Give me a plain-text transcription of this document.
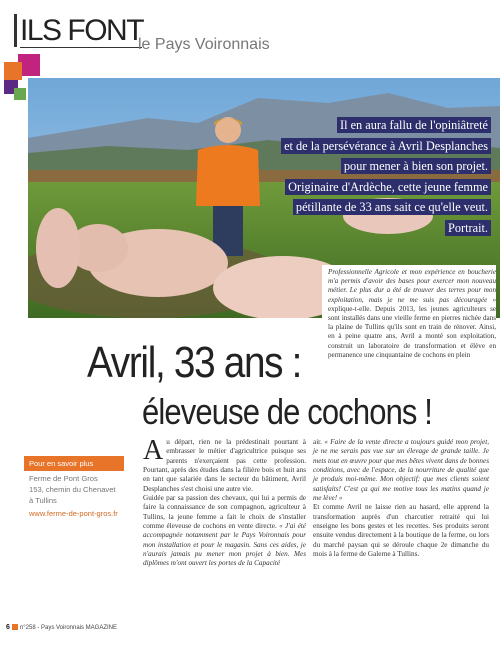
ILS FONT
le Pays Voironnais
Il en aura fallu de l'opiniâtreté
et de la persévérance à Avril Desplanches
pour mener à bien son projet.
Originaire d'Ardèche, cette jeune femme
pétillante de 33 ans sait ce qu'elle veut.
Portrait.
Professionnelle Agricole et mon expérience en boucherie m'a permis d'avoir des bases pour exercer mon nouveau métier. Le plus dur a été de trouver des terres pour mon exploitation, mais je ne me suis pas découragée » explique-t-elle. Depuis 2013, les jeunes agriculteurs se sont installés dans une vieille ferme en pierres nichée dans la plaine de Tullins qu'ils sont en train de rénover. Ainsi, en à peine quatre ans, Avril a monté son exploitation, construit un laboratoire de transformation et élève en permanence une cinquantaine de cochons en plein
Avril, 33 ans :
éleveuse de cochons !
Pour en savoir plus
Ferme de Pont Gros
153, chemin du Chenavet
à Tullins
www.ferme-de-pont-gros.fr

Au départ, rien ne la prédestinait pourtant à embrasser le métier d'agricultrice puisque ses parents n'exerçaient pas cette profession. Pourtant, après des études dans la filière bois et huit ans en tant que salariée dans le secteur du bâtiment, Avril Desplanches s'est choisi une autre vie.

Guidée par sa passion des chevaux, qui lui a permis de faire la connaissance de son compagnon, agriculteur à Tullins, la jeune femme a fait le choix de s'installer comme éleveuse de cochons en vente directe. « J'ai été accompagnée notamment par le Pays Voironnais pour mon installation et pour le magasin. Sans ces aides, je n'aurais jamais pu mener mon projet à bien. Mes diplômes m'ont ouvert les portes de la Capacité

air. « Faire de la vente directe a toujours guidé mon projet, je ne me serais pas vue sur un élevage de grande taille. Je mets tout en œuvre pour que mes bêtes vivent dans de bonnes conditions, avec de l'espace, de la nourriture de qualité que je produis moi-même. Mon objectif: que mes clients soient satisfaits! C'est ça qui me motive tous les matins quand je me lève! »

Et comme Avril ne laisse rien au hasard, elle apprend la transformation auprès d'un charcutier retraité qui lui enseigne les bons gestes et les recettes. Ses produits seront ensuite vendus directement à la boutique de la ferme, ou lors du marché paysan qui se déroule chaque 2e dimanche du mois à la ferme de Galerne à Tullins.

6 n°258 - Pays Voironnais MAGAZINE
